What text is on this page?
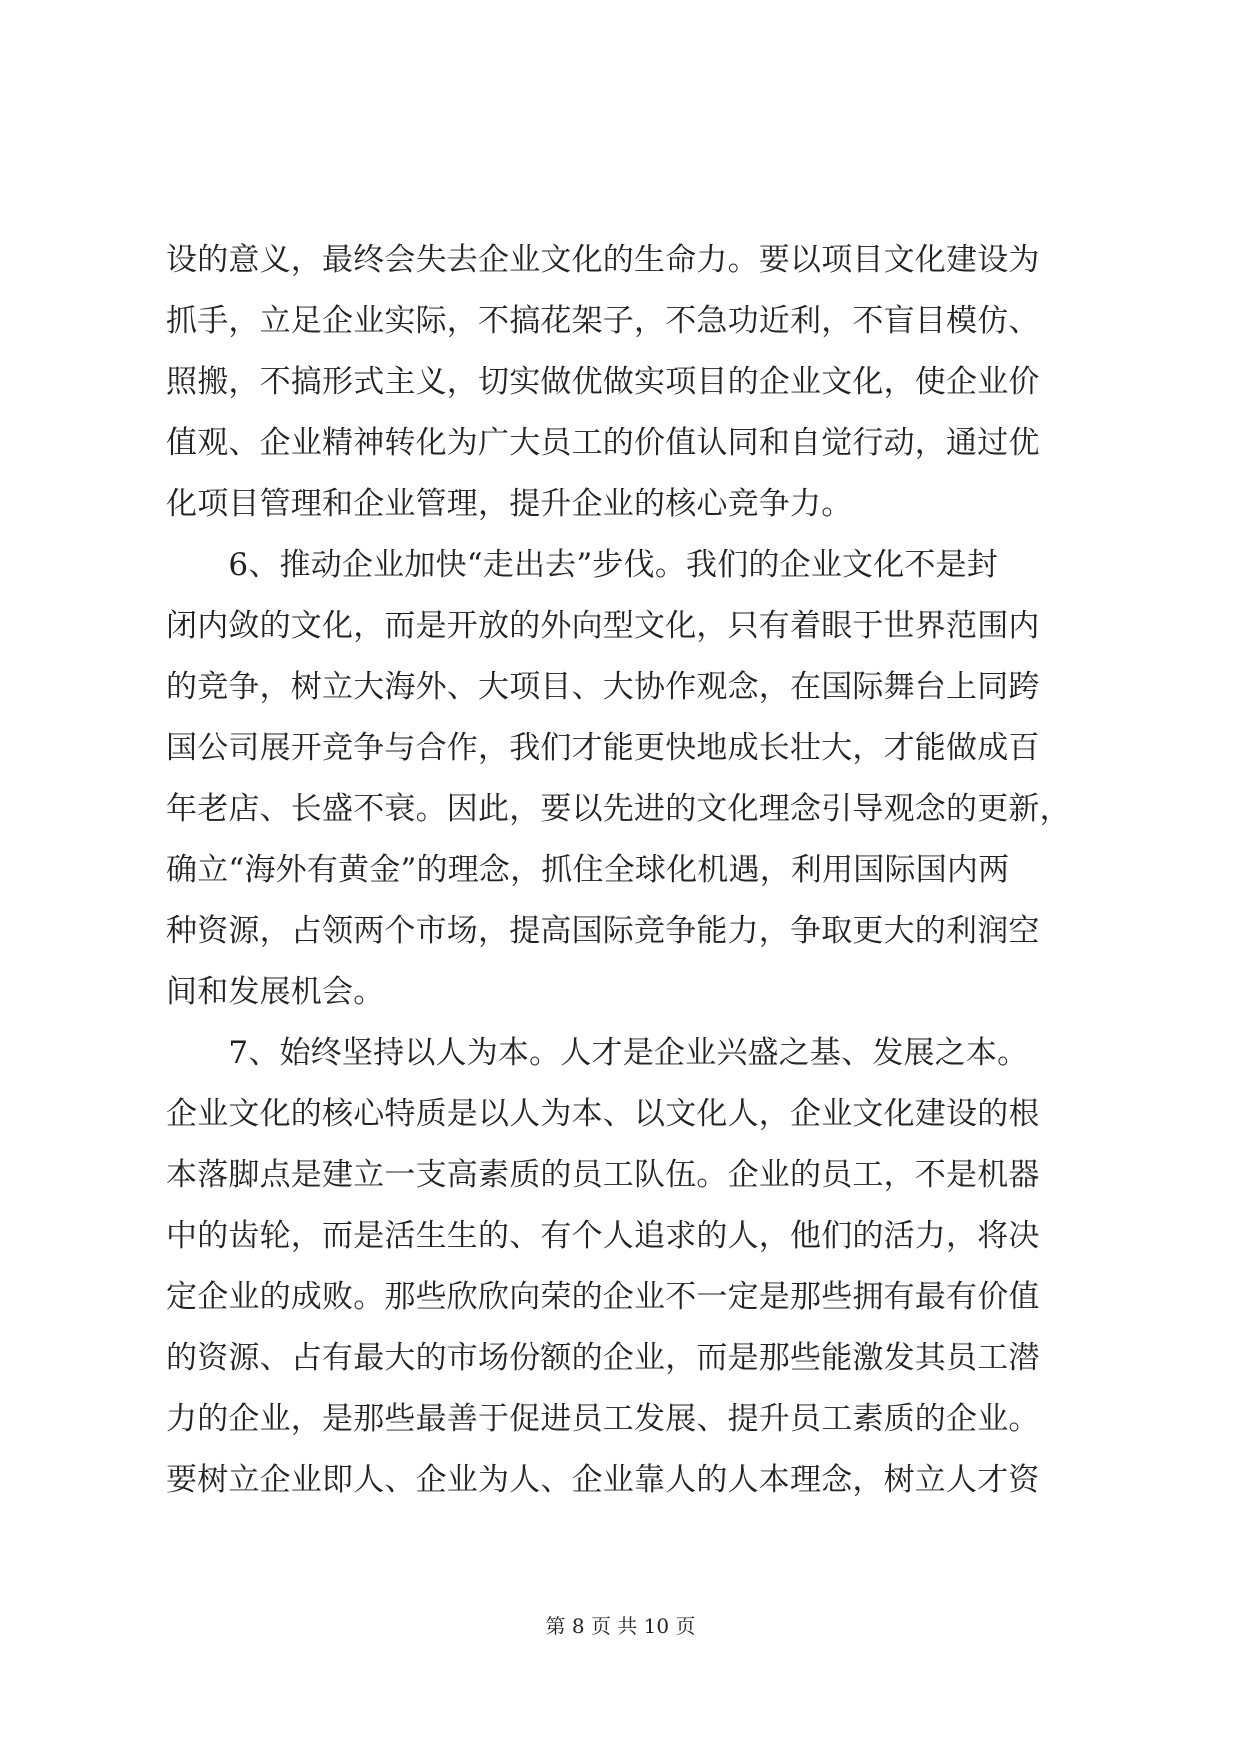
设的意义，最终会失去企业文化的生命力。要以项目文化建设为
抓手，立足企业实际，不搞花架子，不急功近利，不盲目模仿、
照搬，不搞形式主义，切实做优做实项目的企业文化，使企业价
值观、企业精神转化为广大员工的价值认同和自觉行动，通过优
化项目管理和企业管理，提升企业的核心竞争力。
　　6、推动企业加快“走出去”步伐。我们的企业文化不是封
闭内敛的文化，而是开放的外向型文化，只有着眼于世界范围内
的竞争，树立大海外、大项目、大协作观念，在国际舞台上同跨
国公司展开竞争与合作，我们才能更快地成长壮大，才能做成百
年老店、长盛不衰。因此，要以先进的文化理念引导观念的更新，
确立“海外有黄金”的理念，抓住全球化机遇，利用国际国内两
种资源，占领两个市场，提高国际竞争能力，争取更大的利润空
间和发展机会。
　　7、始终坚持以人为本。人才是企业兴盛之基、发展之本。
企业文化的核心特质是以人为本、以文化人，企业文化建设的根
本落脚点是建立一支高素质的员工队伍。企业的员工，不是机器
中的齿轮，而是活生生的、有个人追求的人，他们的活力，将决
定企业的成败。那些欣欣向荣的企业不一定是那些拥有最有价值
的资源、占有最大的市场份额的企业，而是那些能激发其员工潜
力的企业，是那些最善于促进员工发展、提升员工素质的企业。
要树立企业即人、企业为人、企业靠人的人本理念，树立人才资
第 8 页 共 10 页
